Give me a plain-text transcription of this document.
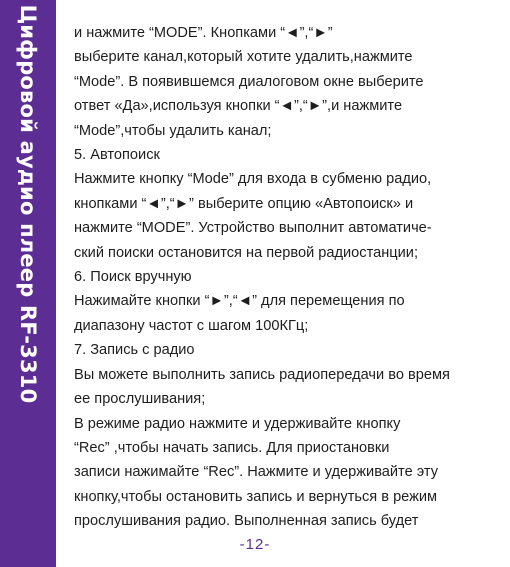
Цифровой аудио плеер RF-3310 и нажмите “MODE”. Кнопками “◄”,“►”
выберите канал,который хотите удалить,нажмите
“Mode”. В появившемся диалоговом окне выберите
ответ «Да»,используя кнопки “◄”,“►”,и нажмите
“Mode”,чтобы удалить канал;
5. Автопоиск
Нажмите кнопку “Mode” для входа в субменю радио,
кнопками “◄”,“►” выберите опцию «Автопоиск» и
нажмите “MODE”. Устройство выполнит автоматиче-
ский поиски остановится на первой радиостанции;
6. Поиск вручную
Нажимайте кнопки “►”,“◄” для перемещения по
диапазону частот с шагом 100КГц;
7. Запись с радио
Вы можете выполнить запись радиопередачи во время
ее прослушивания;
В режиме радио нажмите и удерживайте кнопку
“Rec” ,чтобы начать запись. Для приостановки
записи нажимайте “Rec”. Нажмите и удерживайте эту
кнопку,чтобы остановить запись и вернуться в режим
прослушивания радио. Выполненная запись будет
-12-
